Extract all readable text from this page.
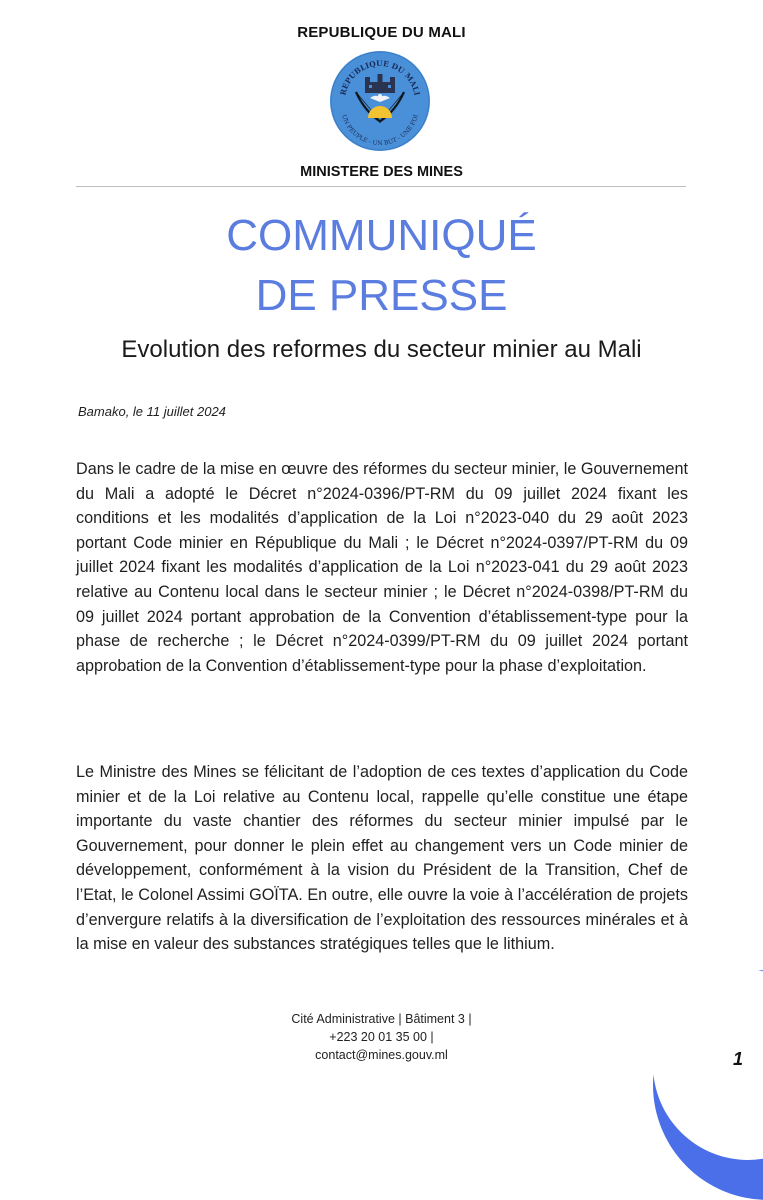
REPUBLIQUE DU MALI
REPUBLIQUE DU MALI
UN PEUPLE - UN BUT - UNE FOI
MINISTERE DES MINES
COMMUNIQUÉ
DE PRESSE
Evolution des reformes du secteur minier au Mali
Bamako, le 11 juillet 2024

Dans le cadre de la mise en œuvre des réformes du secteur minier, le Gouvernement du Mali a adopté le Décret n°2024-0396/PT-RM du 09 juillet 2024 fixant les conditions et les modalités d’application de la Loi n°2023-040 du 29 août 2023 portant Code minier en République du Mali ; le Décret n°2024-0397/PT-RM du 09 juillet 2024 fixant les modalités d’application de la Loi n°2023-041 du 29 août 2023 relative au Contenu local dans le secteur minier ; le Décret n°2024-0398/PT-RM du 09 juillet 2024 portant approbation de la Convention d’établissement-type pour la phase de recherche ; le Décret n°2024-0399/PT-RM du 09 juillet 2024 portant approbation de la Convention d’établissement-type pour la phase d’exploitation.

Le Ministre des Mines se félicitant de l’adoption de ces textes d’application du Code minier et de la Loi relative au Contenu local, rappelle qu’elle constitue une étape importante du vaste chantier des réformes du secteur minier impulsé par le Gouvernement, pour donner le plein effet au changement vers un Code minier de développement, conformément à la vision du Président de la Transition, Chef de l’Etat, le Colonel Assimi GOÏTA. En outre, elle ouvre la voie à l’accélération de projets d’envergure relatifs à la diversification de l’exploitation des ressources minérales et à la mise en valeur des substances stratégiques telles que le lithium.

Cité Administrative | Bâtiment 3 |
+223 20 01 35 00 |
contact@mines.gouv.ml	1
